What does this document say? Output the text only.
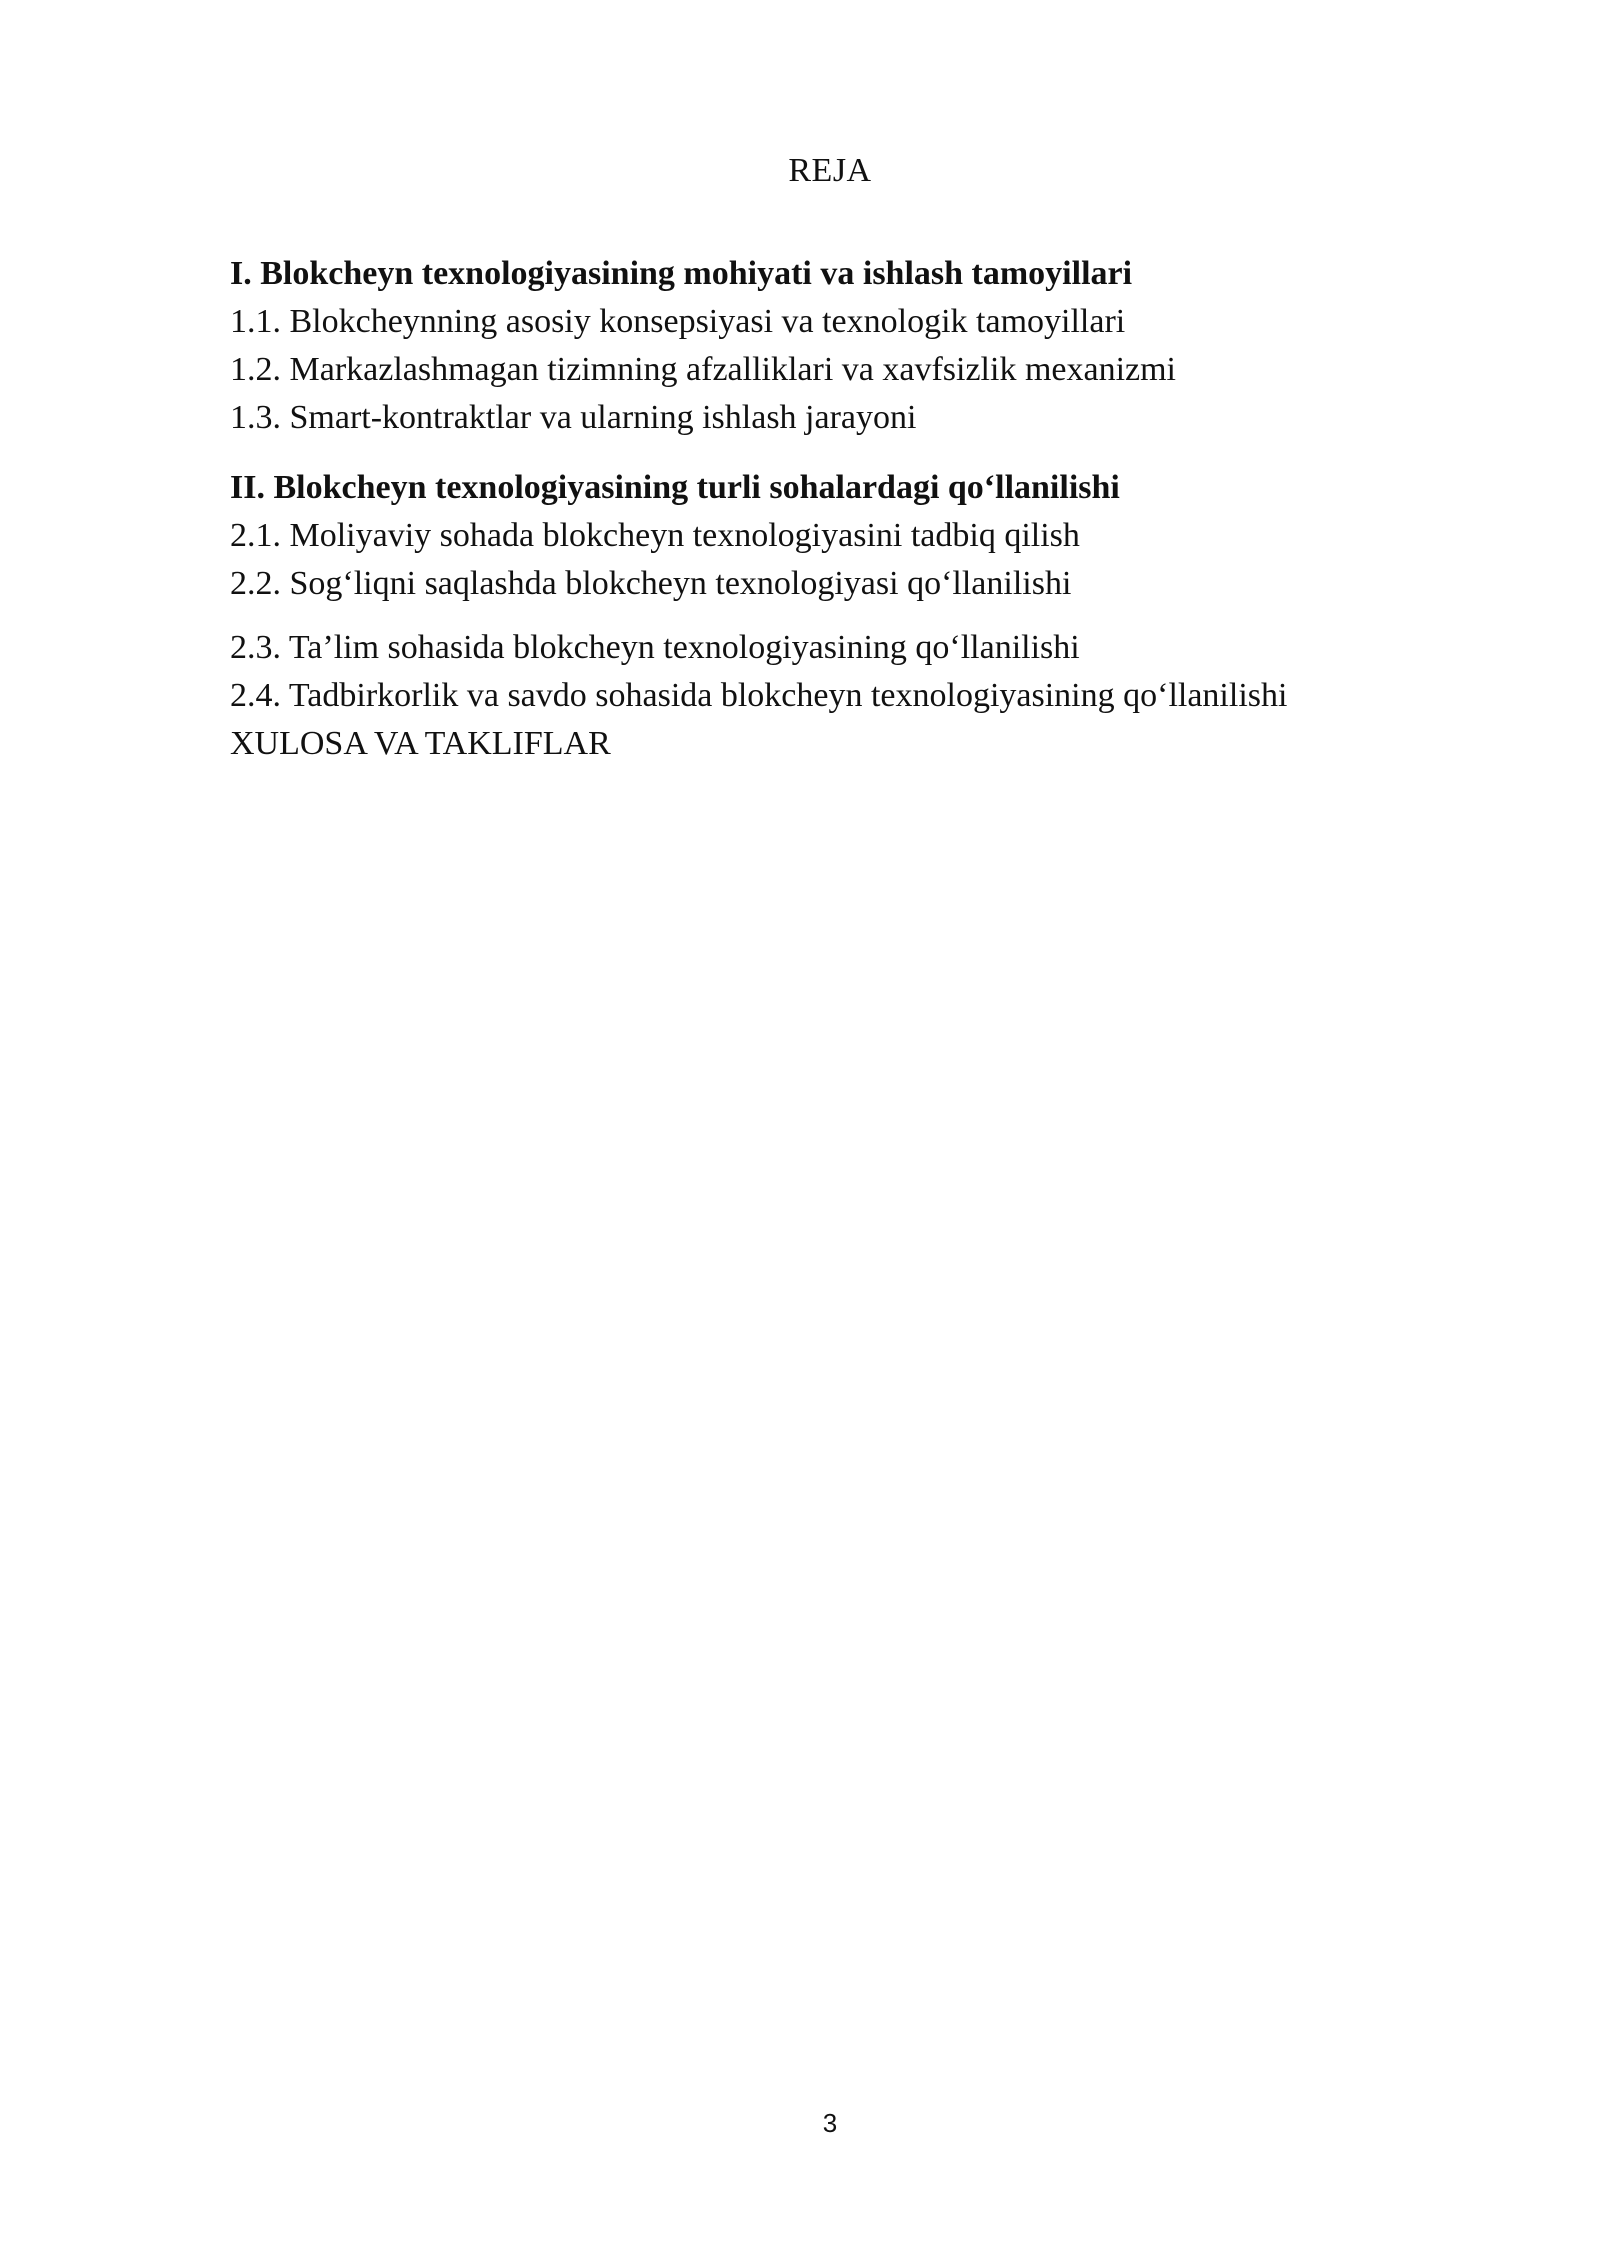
REJA
I. Blokcheyn texnologiyasining mohiyati va ishlash tamoyillari
1.1. Blokcheynning asosiy konsepsiyasi va texnologik tamoyillari
1.2. Markazlashmagan tizimning afzalliklari va xavfsizlik mexanizmi
1.3. Smart-kontraktlar va ularning ishlash jarayoni
II. Blokcheyn texnologiyasining turli sohalardagi qo‘llanilishi
2.1. Moliyaviy sohada blokcheyn texnologiyasini tadbiq qilish
2.2. Sog‘liqni saqlashda blokcheyn texnologiyasi qo‘llanilishi
2.3. Ta’lim sohasida blokcheyn texnologiyasining qo‘llanilishi
2.4. Tadbirkorlik va savdo sohasida blokcheyn texnologiyasining qo‘llanilishi
XULOSA VA TAKLIFLAR
3
